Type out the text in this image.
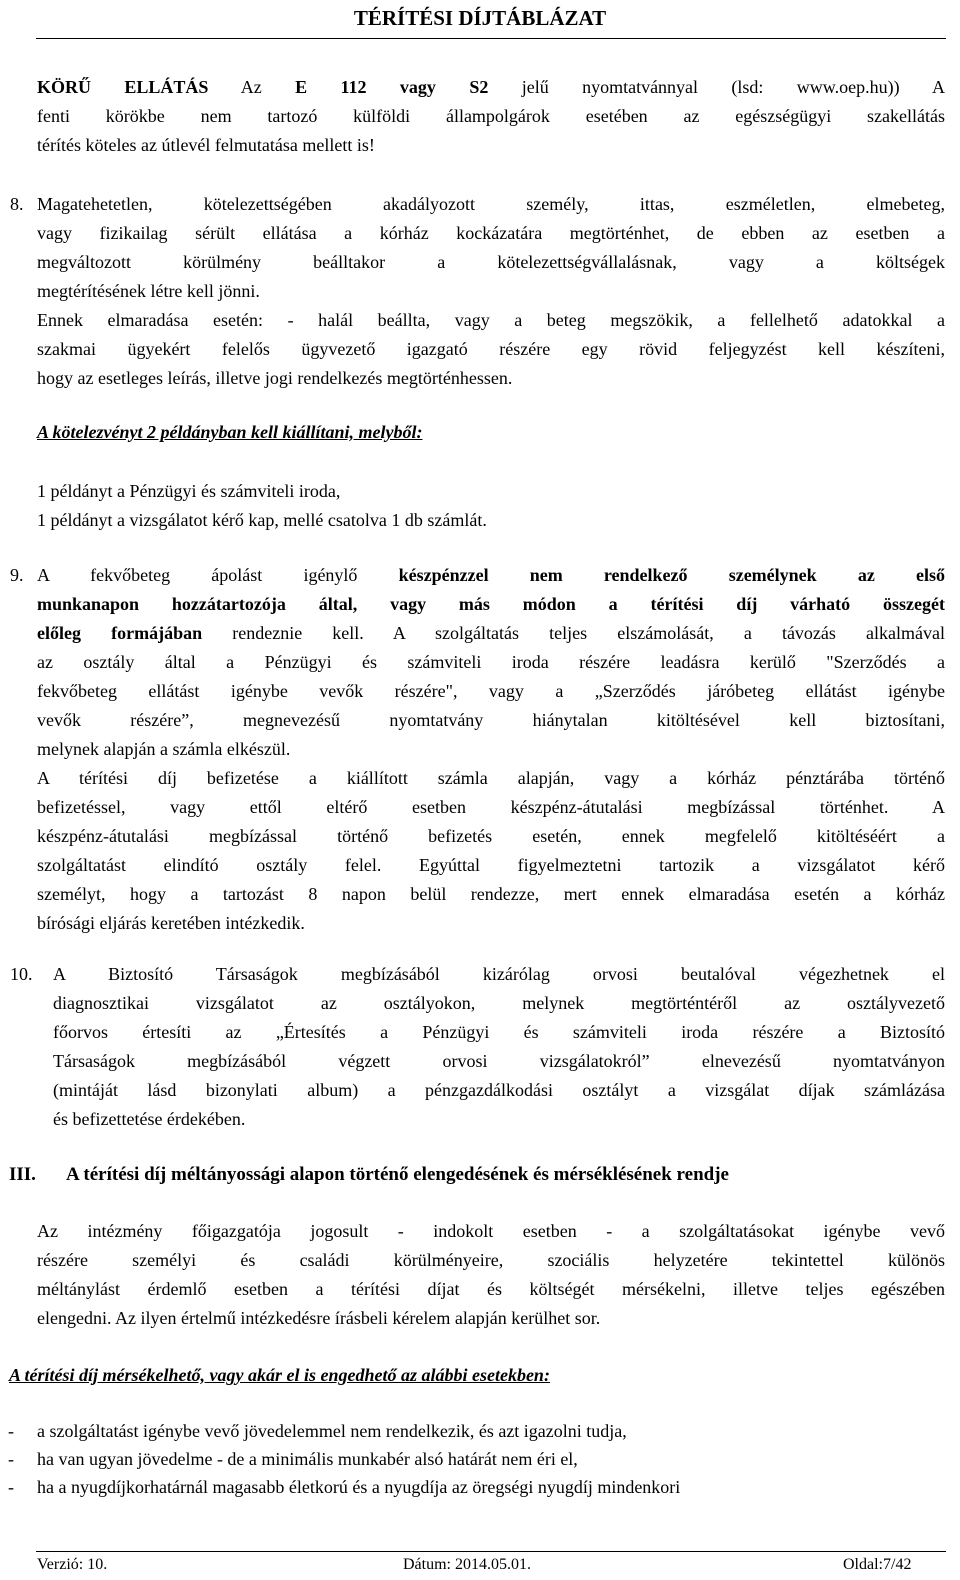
TÉRÍTÉSI DÍJTÁBLÁZAT
KÖRŰ ELLÁTÁS Az E 112 vagy S2 jelű nyomtatvánnyal (lsd: www.oep.hu)) A
fenti körökbe nem tartozó külföldi állampolgárok esetében az egészségügyi szakellátás
térítés köteles az útlevél felmutatása mellett is!
8. Magatehetetlen, kötelezettségében akadályozott személy, ittas, eszméletlen, elmebeteg,
vagy fizikailag sérült ellátása a kórház kockázatára megtörténhet, de ebben az esetben a
megváltozott körülmény beálltakor a kötelezettségvállalásnak, vagy a költségek
megtérítésének létre kell jönni.
Ennek elmaradása esetén: - halál beállta, vagy a beteg megszökik, a fellelhető adatokkal a
szakmai ügyekért felelős ügyvezető igazgató részére egy rövid feljegyzést kell készíteni,
hogy az esetleges leírás, illetve jogi rendelkezés megtörténhessen.
A kötelezvényt 2 példányban kell kiállítani, melyből:
1 példányt a Pénzügyi és számviteli iroda,
1 példányt a vizsgálatot kérő kap, mellé csatolva 1 db számlát.
9. A fekvőbeteg ápolást igénylő készpénzzel nem rendelkező személynek az első
munkanapon hozzátartozója által, vagy más módon a térítési díj várható összegét
előleg formájában rendeznie kell. A szolgáltatás teljes elszámolását, a távozás alkalmával
az osztály által a Pénzügyi és számviteli iroda részére leadásra kerülő "Szerződés a
fekvőbeteg ellátást igénybe vevők részére", vagy a „Szerződés járóbeteg ellátást igénybe
vevők részére”, megnevezésű nyomtatvány hiánytalan kitöltésével kell biztosítani,
melynek alapján a számla elkészül.
A térítési díj befizetése a kiállított számla alapján, vagy a kórház pénztárába történő
befizetéssel, vagy ettől eltérő esetben készpénz-átutalási megbízással történhet. A
készpénz-átutalási megbízással történő befizetés esetén, ennek megfelelő kitöltéséért a
szolgáltatást elindító osztály felel. Egyúttal figyelmeztetni tartozik a vizsgálatot kérő
személyt, hogy a tartozást 8 napon belül rendezze, mert ennek elmaradása esetén a kórház
bírósági eljárás keretében intézkedik.
10. A Biztosító Társaságok megbízásából kizárólag orvosi beutalóval végezhetnek el
diagnosztikai vizsgálatot az osztályokon, melynek megtörténtéről az osztályvezető
főorvos értesíti az „Értesítés a Pénzügyi és számviteli iroda részére a Biztosító
Társaságok megbízásából végzett orvosi vizsgálatokról” elnevezésű nyomtatványon
(mintáját lásd bizonylati album) a pénzgazdálkodási osztályt a vizsgálat díjak számlázása
és befizettetése érdekében.
III. A térítési díj méltányossági alapon történő elengedésének és mérséklésének rendje
Az intézmény főigazgatója jogosult - indokolt esetben - a szolgáltatásokat igénybe vevő
részére személyi és családi körülményeire, szociális helyzetére tekintettel különös
méltánylást érdemlő esetben a térítési díjat és költségét mérsékelni, illetve teljes egészében
elengedni. Az ilyen értelmű intézkedésre írásbeli kérelem alapján kerülhet sor.
A térítési díj mérsékelhető, vagy akár el is engedhető az alábbi esetekben:
- a szolgáltatást igénybe vevő jövedelemmel nem rendelkezik, és azt igazolni tudja,
- ha van ugyan jövedelme - de a minimális munkabér alsó határát nem éri el,
- ha a nyugdíjkorhatárnál magasabb életkorú és a nyugdíja az öregségi nyugdíj mindenkori
Verzió: 10.	Dátum: 2014.05.01.	Oldal:7/42
